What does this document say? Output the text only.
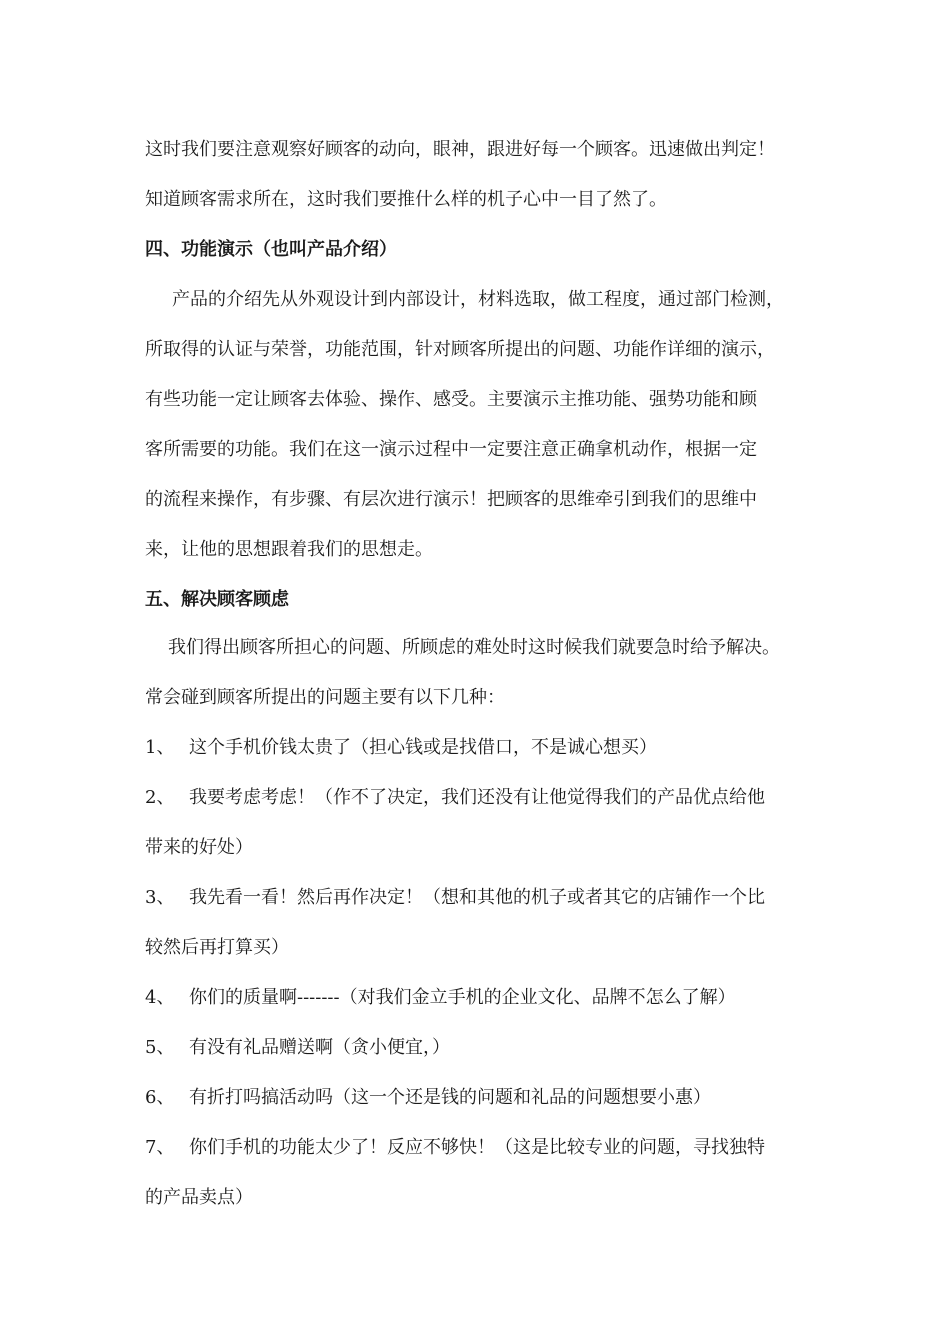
这时我们要注意观察好顾客的动向，眼神，跟进好每一个顾客。迅速做出判定！
知道顾客需求所在，这时我们要推什么样的机子心中一目了然了。
四、功能演示（也叫产品介绍）
产品的介绍先从外观设计到内部设计，材料选取，做工程度，通过部门检测，
所取得的认证与荣誉，功能范围，针对顾客所提出的问题、功能作详细的演示，
有些功能一定让顾客去体验、操作、感受。主要演示主推功能、强势功能和顾
客所需要的功能。我们在这一演示过程中一定要注意正确拿机动作，根据一定
的流程来操作，有步骤、有层次进行演示！把顾客的思维牵引到我们的思维中
来，让他的思想跟着我们的思想走。
五、解决顾客顾虑
我们得出顾客所担心的问题、所顾虑的难处时这时候我们就要急时给予解决。
常会碰到顾客所提出的问题主要有以下几种：
1、 这个手机价钱太贵了（担心钱或是找借口，不是诚心想买）
2、 我要考虑考虑！（作不了决定，我们还没有让他觉得我们的产品优点给他
带来的好处）
3、 我先看一看！然后再作决定！（想和其他的机子或者其它的店铺作一个比
较然后再打算买）
4、 你们的质量啊-------（对我们金立手机的企业文化、品牌不怎么了解）
5、 有没有礼品赠送啊（贪小便宜，）
6、 有折打吗搞活动吗（这一个还是钱的问题和礼品的问题想要小惠）
7、 你们手机的功能太少了！反应不够快！（这是比较专业的问题，寻找独特
的产品卖点）
